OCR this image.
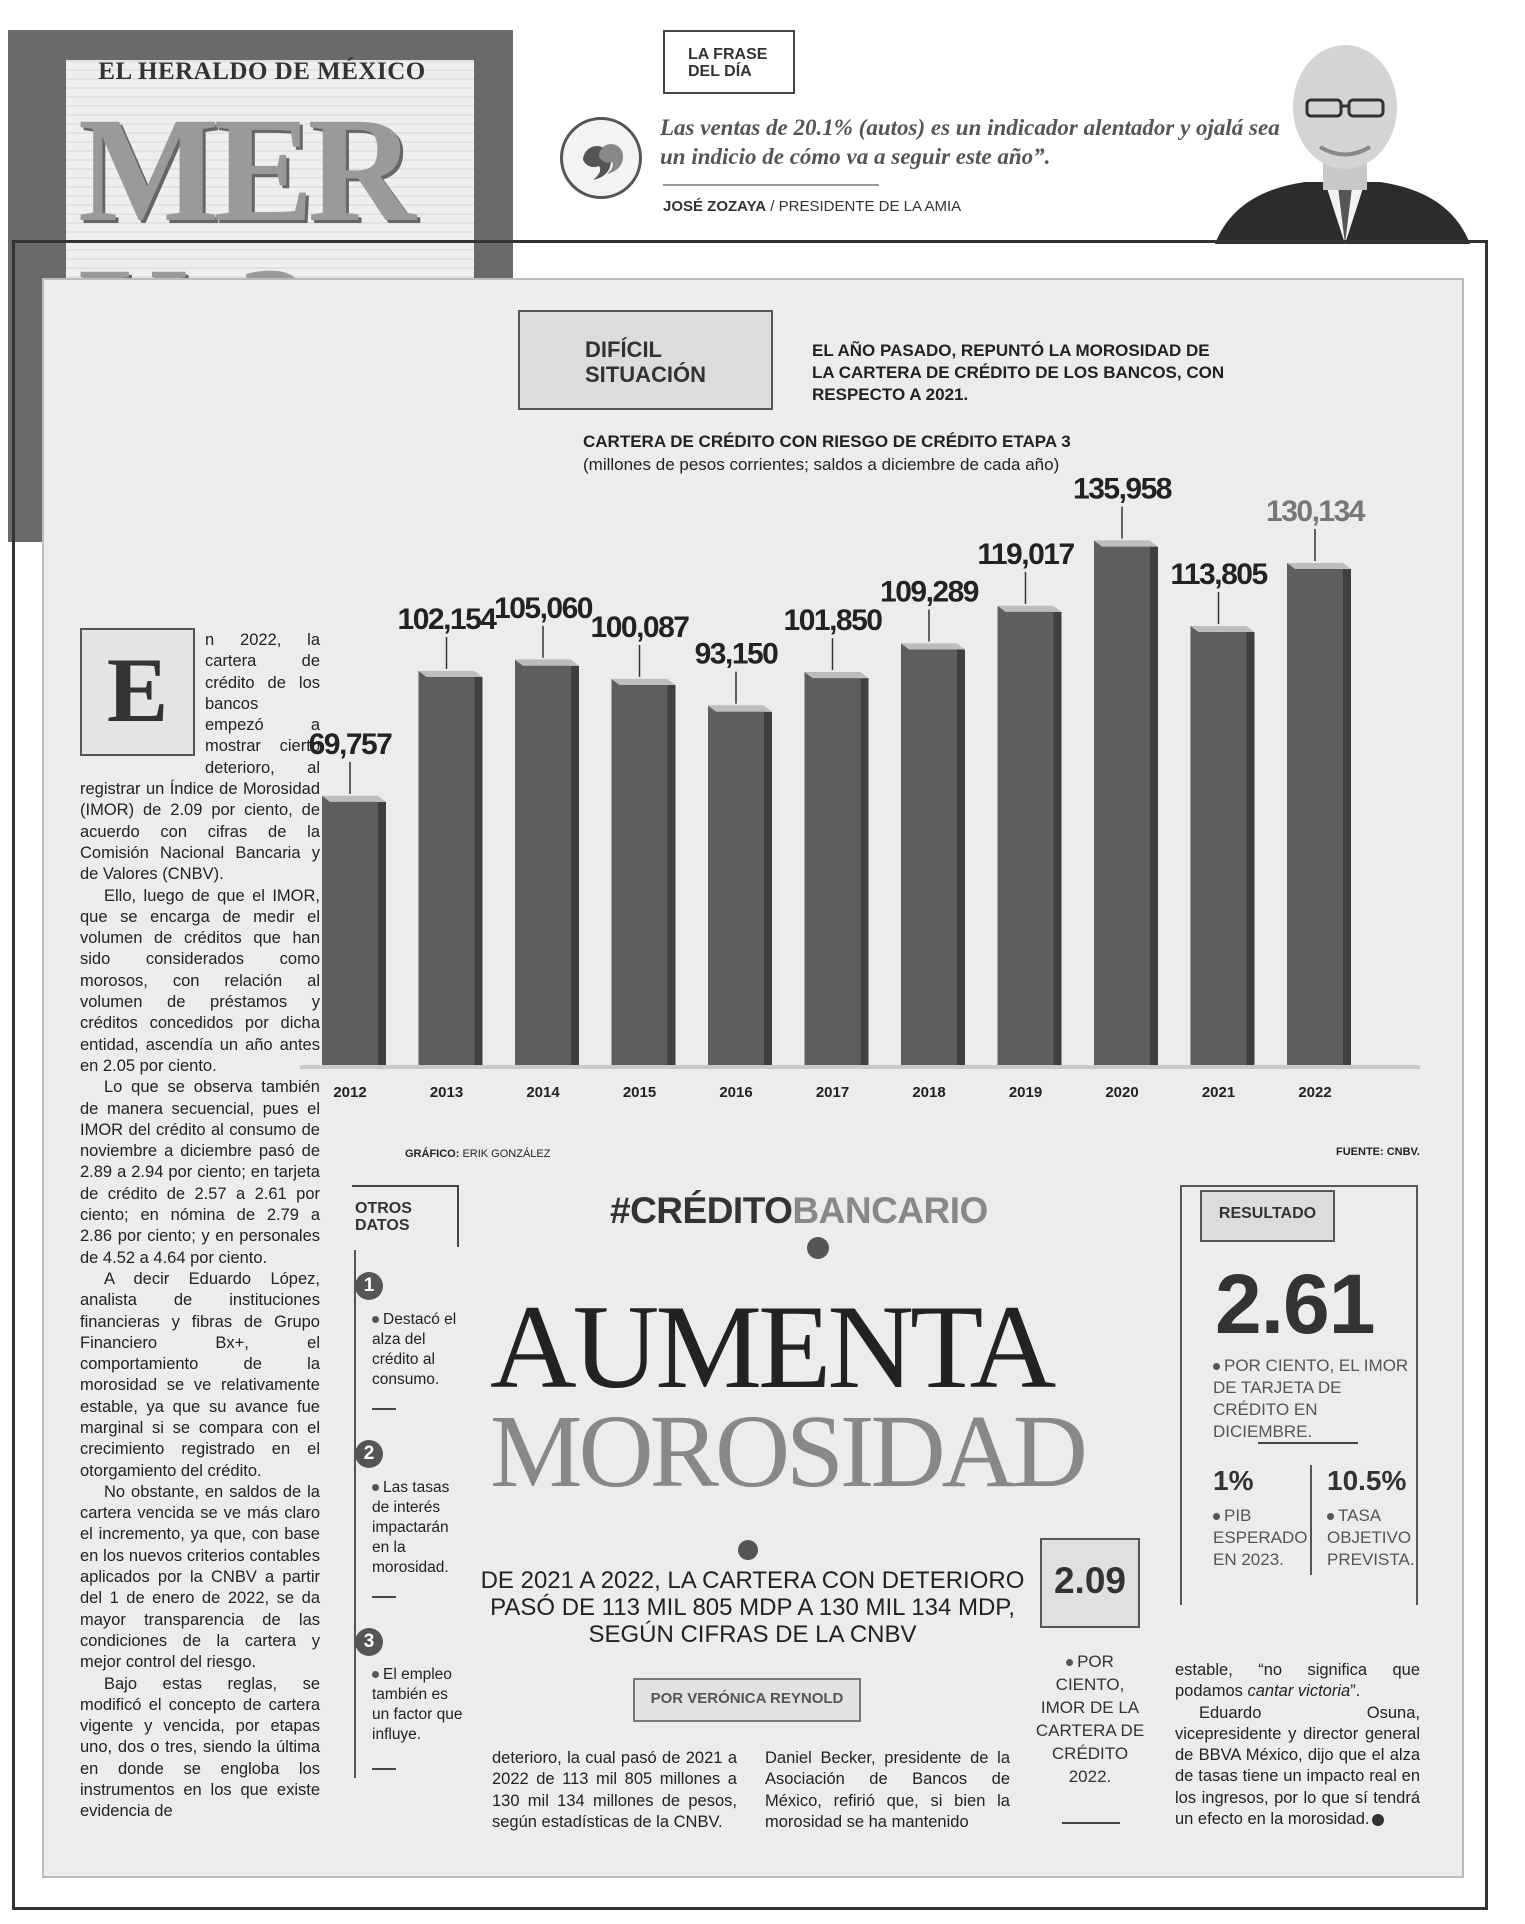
EL HERALDO DE MÉXICO
MER
LA FRASE DEL DÍA
Las ventas de 20.1% (autos) es un indicador alentador y ojalá sea un indicio de cómo va a seguir este año”.
JOSÉ ZOZAYA / PRESIDENTE DE LA AMIA
DIFÍCIL SITUACIÓN
EL AÑO PASADO, REPUNTÓ LA MOROSIDAD DE LA CARTERA DE CRÉDITO DE LOS BANCOS, CON RESPECTO A 2021.
CARTERA DE CRÉDITO CON RIESGO DE CRÉDITO ETAPA 3
(millones de pesos corrientes; saldos a diciembre de cada año)
69,757
2012
102,154
2013
105,060
2014
100,087
2015
93,150
2016
101,850
2017
109,289
2018
119,017
2019
135,958
2020
113,805
2021
130,134
2022
GRÁFICO: ERIK GONZÁLEZ	FUENTE: CNBV.
E	n 2022, la cartera de crédito de los bancos empezó a mostrar cierto deterioro, al registrar un Índice de Morosidad (IMOR) de 2.09 por ciento, de acuerdo con cifras de la Comisión Nacional Bancaria y de Valores (CNBV).

Ello, luego de que el IMOR, que se encarga de medir el volumen de créditos que han sido considerados como morosos, con relación al volumen de préstamos y créditos concedidos por dicha entidad, ascendía un año antes en 2.05 por ciento.

Lo que se observa también de manera secuencial, pues el IMOR del crédito al consumo de noviembre a diciembre pasó de 2.89 a 2.94 por ciento; en tarjeta de crédito de 2.57 a 2.61 por ciento; en nómina de 2.79 a 2.86 por ciento; y en personales de 4.52 a 4.64 por ciento.

A decir Eduardo López, analista de instituciones financieras y fibras de Grupo Financiero Bx+, el comportamiento de la morosidad se ve relativamente estable, ya que su avance fue marginal si se compara con el crecimiento registrado en el otorgamiento del crédito.

No obstante, en saldos de la cartera vencida se ve más claro el incremento, ya que, con base en los nuevos criterios contables aplicados por la CNBV a partir del 1 de enero de 2022, se da mayor transparencia de las condiciones de la cartera y mejor control del riesgo.

Bajo estas reglas, se modificó el concepto de cartera vigente y vencida, por etapas uno, dos o tres, siendo la última en donde se engloba los instrumentos en los que existe evidencia de

OTROS DATOS
1
Destacó el alza del crédito al consumo.
2
Las tasas de interés impactarán en la morosidad.
3
El empleo también es un factor que influye.
#CRÉDITOBANCARIO
AUMENTA
MOROSIDAD
DE 2021 A 2022, LA CARTERA CON DETERIORO PASÓ DE 113 MIL 805 MDP A 130 MIL 134 MDP, SEGÚN CIFRAS DE LA CNBV
POR VERÓNICA REYNOLD
deterioro, la cual pasó de 2021 a 2022 de 113 mil 805 millones a 130 mil 134 millones de pesos, según estadísticas de la CNBV.
Daniel Becker, presidente de la Asociación de Bancos de México, refirió que, si bien la morosidad se ha mantenido
estable, “no significa que podamos cantar victoria”.
Eduardo Osuna, vicepresidente y director general de BBVA México, dijo que el alza de tasas tiene un impacto real en los ingresos, por lo que sí tendrá un efecto en la morosidad.
2.09
POR CIENTO, IMOR DE LA CARTERA DE CRÉDITO 2022.
RESULTADO
2.61
POR CIENTO, EL IMOR DE TARJETA DE CRÉDITO EN DICIEMBRE.
1%
PIB ESPERADO EN 2023.
10.5%
TASA OBJETIVO PREVISTA.
